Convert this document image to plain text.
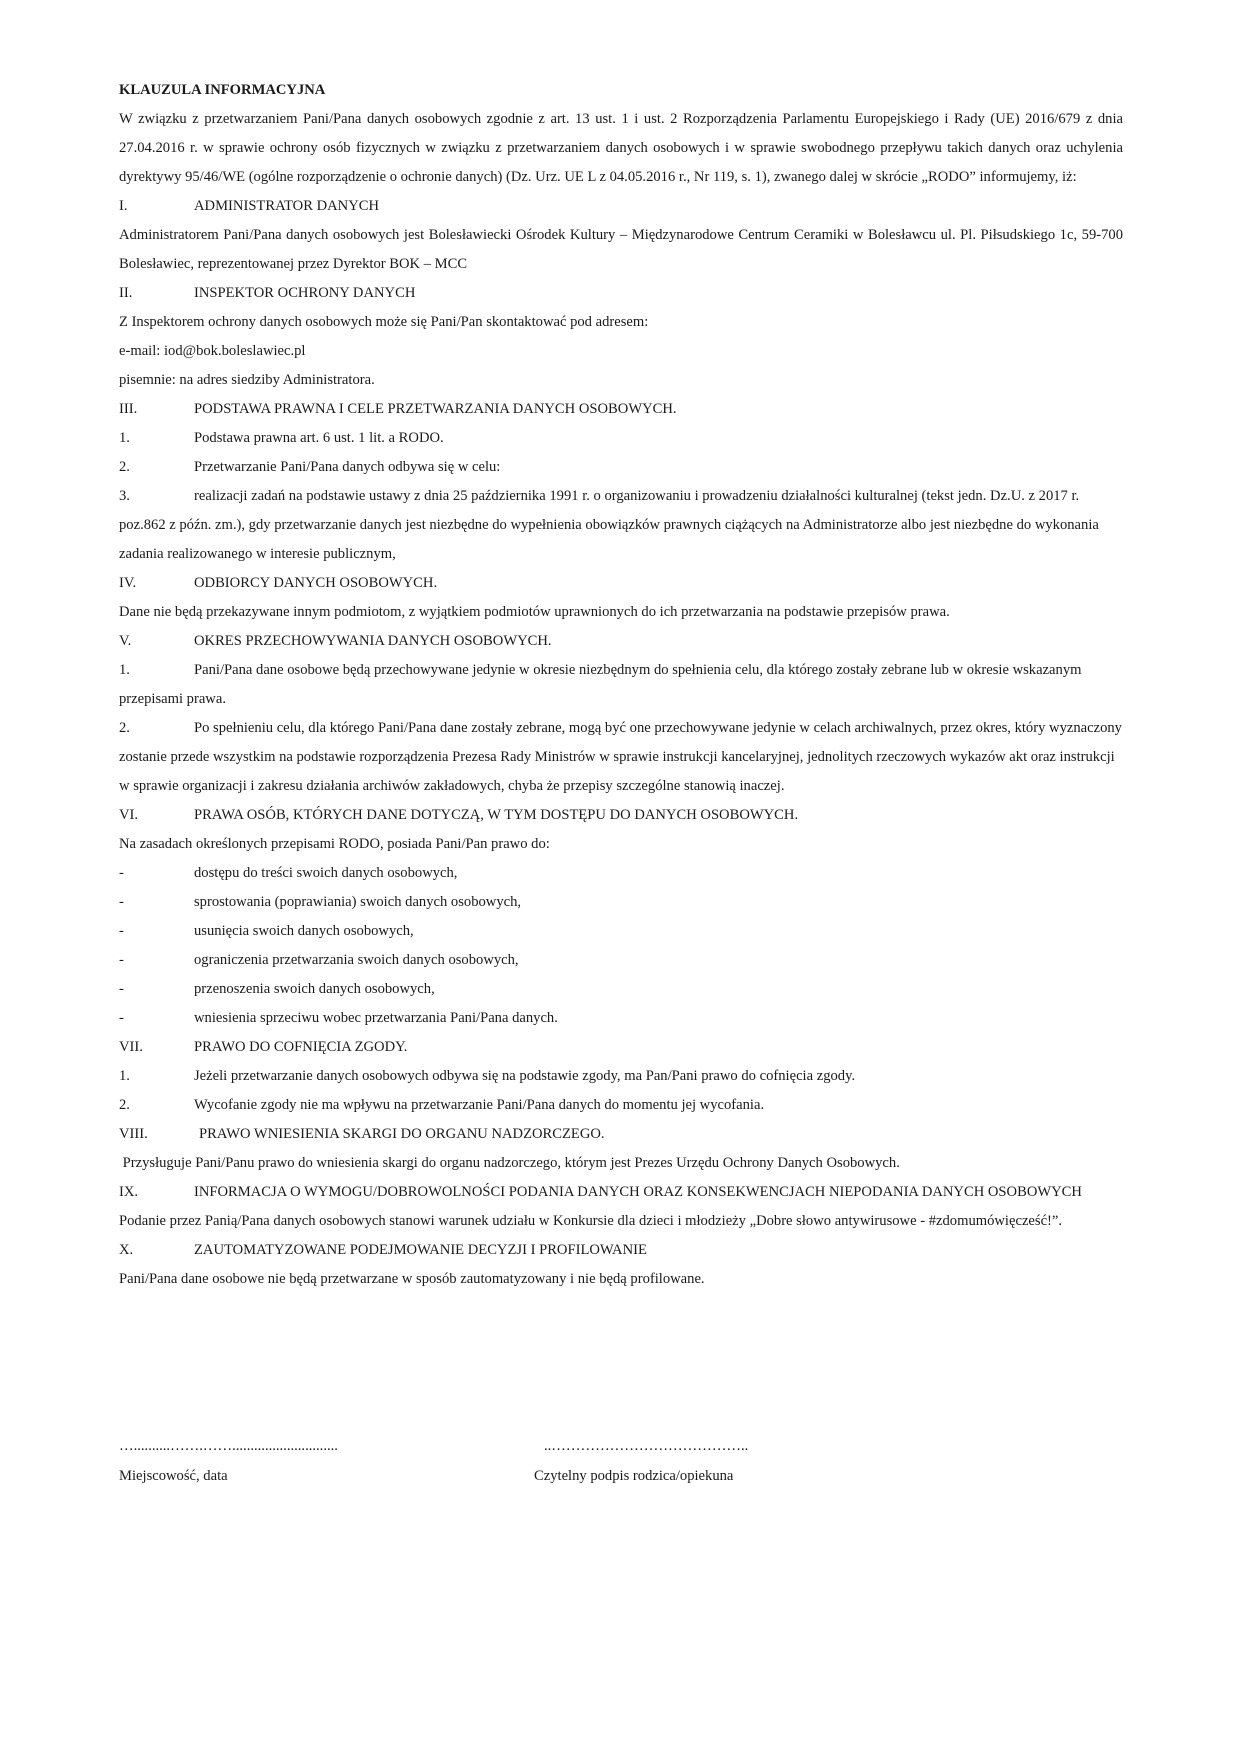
KLAUZULA INFORMACYJNA

W związku z przetwarzaniem Pani/Pana danych osobowych zgodnie z art. 13 ust. 1 i ust. 2 Rozporządzenia Parlamentu Europejskiego i Rady (UE) 2016/679 z dnia 27.04.2016 r. w sprawie ochrony osób fizycznych w związku z przetwarzaniem danych osobowych i w sprawie swobodnego przepływu takich danych oraz uchylenia dyrektywy 95/46/WE (ogólne rozporządzenie o ochronie danych) (Dz. Urz. UE L z 04.05.2016 r., Nr 119, s. 1), zwanego dalej w skrócie „RODO” informujemy, iż:

I.	ADMINISTRATOR DANYCH

Administratorem Pani/Pana danych osobowych jest Bolesławiecki Ośrodek Kultury – Międzynarodowe Centrum Ceramiki w Bolesławcu ul. Pl. Piłsudskiego 1c, 59-700 Bolesławiec, reprezentowanej przez Dyrektor BOK – MCC

II.	INSPEKTOR OCHRONY DANYCH
Z Inspektorem ochrony danych osobowych może się Pani/Pan skontaktować pod adresem:
e-mail: iod@bok.boleslawiec.pl
pisemnie: na adres siedziby Administratora.
III.	PODSTAWA PRAWNA I CELE PRZETWARZANIA DANYCH OSOBOWYCH.
1.	Podstawa prawna art. 6 ust. 1 lit. a RODO.
2.	Przetwarzanie Pani/Pana danych odbywa się w celu:

3.	realizacji zadań na podstawie ustawy z dnia 25 października 1991 r. o organizowaniu i prowadzeniu działalności kulturalnej (tekst jedn. Dz.U. z 2017 r. poz.862 z późn. zm.), gdy przetwarzanie danych jest niezbędne do wypełnienia obowiązków prawnych ciążących na Administratorze albo jest niezbędne do wykonania zadania realizowanego w interesie publicznym,

IV.	ODBIORCY DANYCH OSOBOWYCH.
Dane nie będą przekazywane innym podmiotom, z wyjątkiem podmiotów uprawnionych do ich przetwarzania na podstawie przepisów prawa.
V.	OKRES PRZECHOWYWANIA DANYCH OSOBOWYCH.

1.	Pani/Pana dane osobowe będą przechowywane jedynie w okresie niezbędnym do spełnienia celu, dla którego zostały zebrane lub w okresie wskazanym przepisami prawa.

2.	Po spełnieniu celu, dla którego Pani/Pana dane zostały zebrane, mogą być one przechowywane jedynie w celach archiwalnych, przez okres, który wyznaczony zostanie przede wszystkim na podstawie rozporządzenia Prezesa Rady Ministrów w sprawie instrukcji kancelaryjnej, jednolitych rzeczowych wykazów akt oraz instrukcji w sprawie organizacji i zakresu działania archiwów zakładowych, chyba że przepisy szczególne stanowią inaczej.

VI.	PRAWA OSÓB, KTÓRYCH DANE DOTYCZĄ, W TYM DOSTĘPU DO DANYCH OSOBOWYCH.
Na zasadach określonych przepisami RODO, posiada Pani/Pan prawo do:
-	dostępu do treści swoich danych osobowych,
-	sprostowania (poprawiania) swoich danych osobowych,
-	usunięcia swoich danych osobowych,
-	ograniczenia przetwarzania swoich danych osobowych,
-	przenoszenia swoich danych osobowych,
-	wniesienia sprzeciwu wobec przetwarzania Pani/Pana danych.
VII.	PRAWO DO COFNIĘCIA ZGODY.
1.	Jeżeli przetwarzanie danych osobowych odbywa się na podstawie zgody, ma Pan/Pani prawo do cofnięcia zgody.
2.	Wycofanie zgody nie ma wpływu na przetwarzanie Pani/Pana danych do momentu jej wycofania.
VIII.	PRAWO WNIESIENIA SKARGI DO ORGANU NADZORCZEGO.
Przysługuje Pani/Panu prawo do wniesienia skargi do organu nadzorczego, którym jest Prezes Urzędu Ochrony Danych Osobowych.

IX.	INFORMACJA O WYMOGU/DOBROWOLNOŚCI PODANIA DANYCH ORAZ KONSEKWENCJACH NIEPODANIA DANYCH OSOBOWYCH

Podanie przez Panią/Pana danych osobowych stanowi warunek udziału w Konkursie dla dzieci i młodzieży „Dobre słowo antywirusowe - #zdomumówięcześć!”.

X.	ZAUTOMATYZOWANE PODEJMOWANIE DECYZJI I PROFILOWANIE
Pani/Pana dane osobowe nie będą przetwarzane w sposób zautomatyzowany i nie będą profilowane.
…..........…….…….............................	..…………………………………..
Miejscowość, data	Czytelny podpis rodzica/opiekuna
